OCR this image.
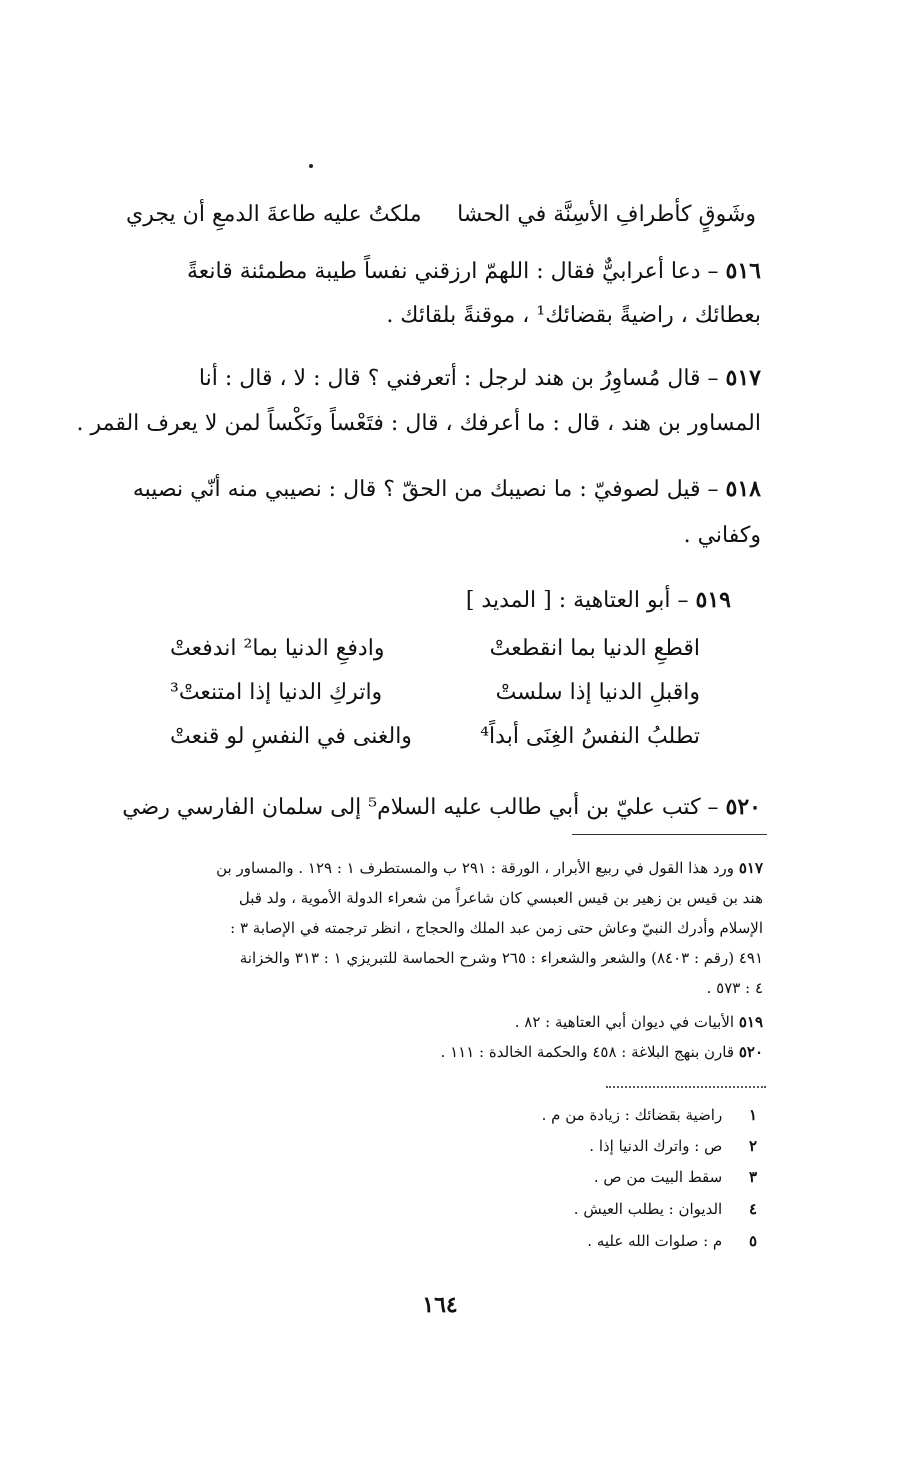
وشَوقٍ كأطرافِ الأسِنَّة في الحشا
ملكتُ عليه طاعةَ الدمعِ أن يجري
٥١٦ – دعا أعرابيٌّ فقال : اللهمّ ارزقني نفساً طيبة مطمئنة قانعةً
بعطائك ، راضيةً بقضائك¹ ، موقنةً بلقائك .
٥١٧ – قال مُساوِرُ بن هند لرجل : أتعرفني ؟ قال : لا ، قال : أنا
المساور بن هند ، قال : ما أعرفك ، قال : فتَعْساً ونَكْساً لمن لا يعرف القمر .
٥١٨ – قيل لصوفيّ : ما نصيبك من الحقّ ؟ قال : نصيبي منه أنّي نصيبه
وكفاني .
٥١٩ – أبو العتاهية : [ المديد ]
اقطعِ الدنيا بما انقطعتْ
وادفعِ الدنيا بما² اندفعتْ
واقبلِ الدنيا إذا سلستْ
واتركِ الدنيا إذا امتنعتْ³
تطلبُ النفسُ الغِنَى أبداً⁴
والغنى في النفسِ لو قنعتْ
٥٢٠ – كتب عليّ بن أبي طالب عليه السلام⁵ إلى سلمان الفارسي رضي
٥١٧ ورد هذا القول في ربيع الأبرار ، الورقة : ٢٩١ ب والمستطرف ١ : ١٢٩ . والمساور بن
هند بن قيس بن زهير بن قيس العبسي كان شاعراً من شعراء الدولة الأموية ، ولد قبل
الإسلام وأدرك النبيّ وعاش حتى زمن عبد الملك والحجاج ، انظر ترجمته في الإصابة ٣ :
٤٩١ (رقم : ٨٤٠٣) والشعر والشعراء : ٢٦٥ وشرح الحماسة للتبريزي ١ : ٣١٣ والخزانة
٤ : ٥٧٣ .
٥١٩ الأبيات في ديوان أبي العتاهية : ٨٢ .
٥٢٠ قارن بنهج البلاغة : ٤٥٨ والحكمة الخالدة : ١١١ .
١ راضية بقضائك : زيادة من م .
٢ ص : واترك الدنيا إذا .
٣ سقط البيت من ص .
٤ الديوان : يطلب العيش .
٥ م : صلوات الله عليه .
١٦٤
